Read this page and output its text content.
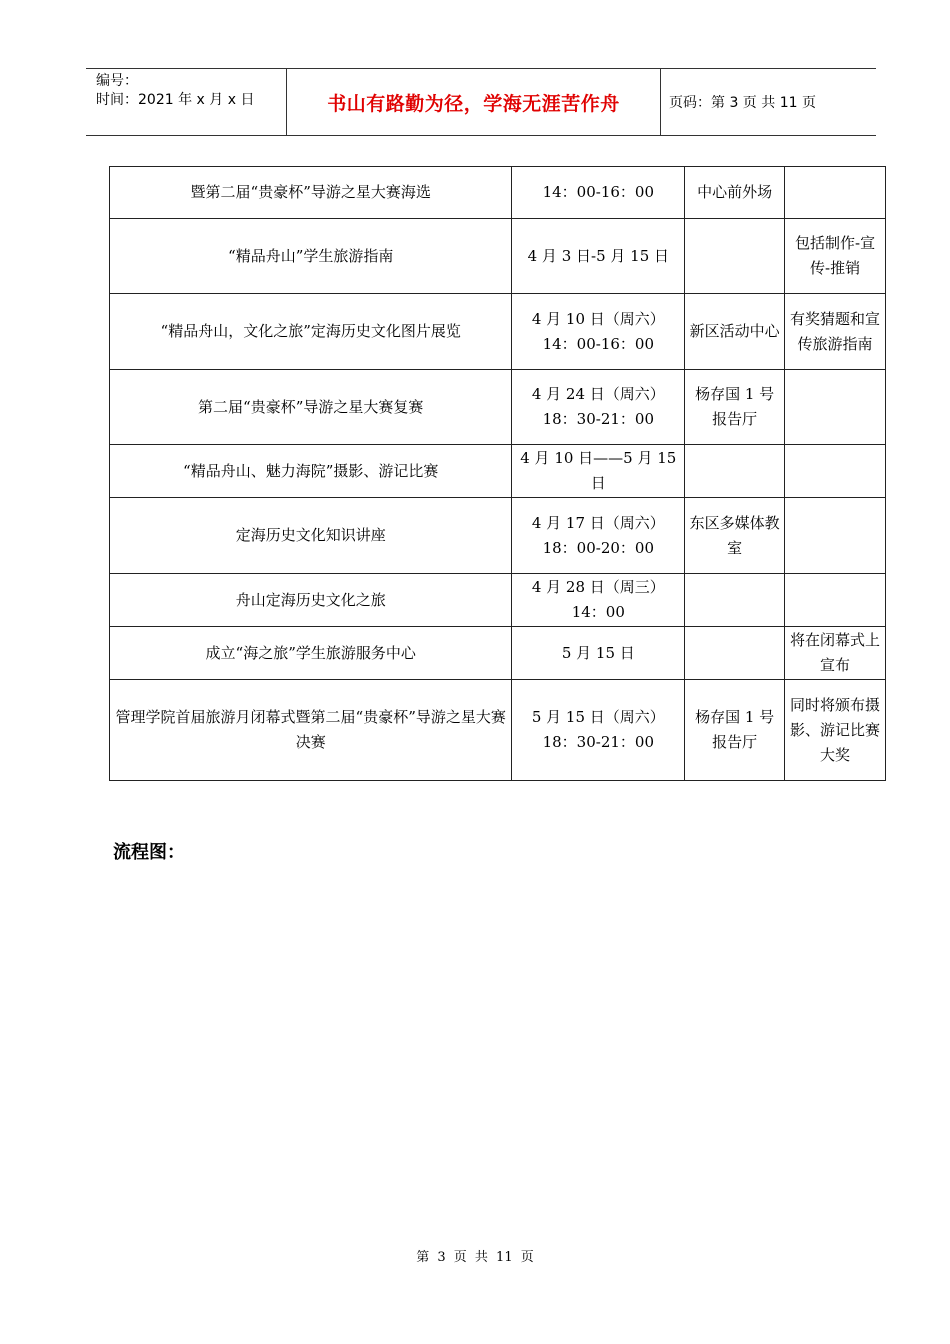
编号：
时间：2021 年 x 月 x 日	书山有路勤为径，学海无涯苦作舟	页码：第 3 页 共 11 页
暨第二届“贵豪杯”导游之星大赛海选	14：00-16：00	中心前外场	
“精品舟山”学生旅游指南	4 月 3 日-5 月 15 日		包括制作-宣传-推销
“精品舟山，文化之旅”定海历史文化图片展览	4 月 10 日（周六）14：00-16：00	新区活动中心	有奖猜题和宣传旅游指南
第二届“贵豪杯”导游之星大赛复赛	4 月 24 日（周六）18：30-21：00	杨存国 1 号报告厅	
“精品舟山、魅力海院”摄影、游记比赛	4 月 10 日——5 月 15 日		
定海历史文化知识讲座	4 月 17 日（周六）18：00-20：00	东区多媒体教室	
舟山定海历史文化之旅	4 月 28 日（周三）14：00		
成立“海之旅”学生旅游服务中心	5 月 15 日		将在闭幕式上宣布
管理学院首届旅游月闭幕式暨第二届“贵豪杯”导游之星大赛决赛	5 月 15 日（周六）18：30-21：00	杨存国 1 号报告厅	同时将颁布摄影、游记比赛大奖
流程图：
第 3 页 共 11 页
